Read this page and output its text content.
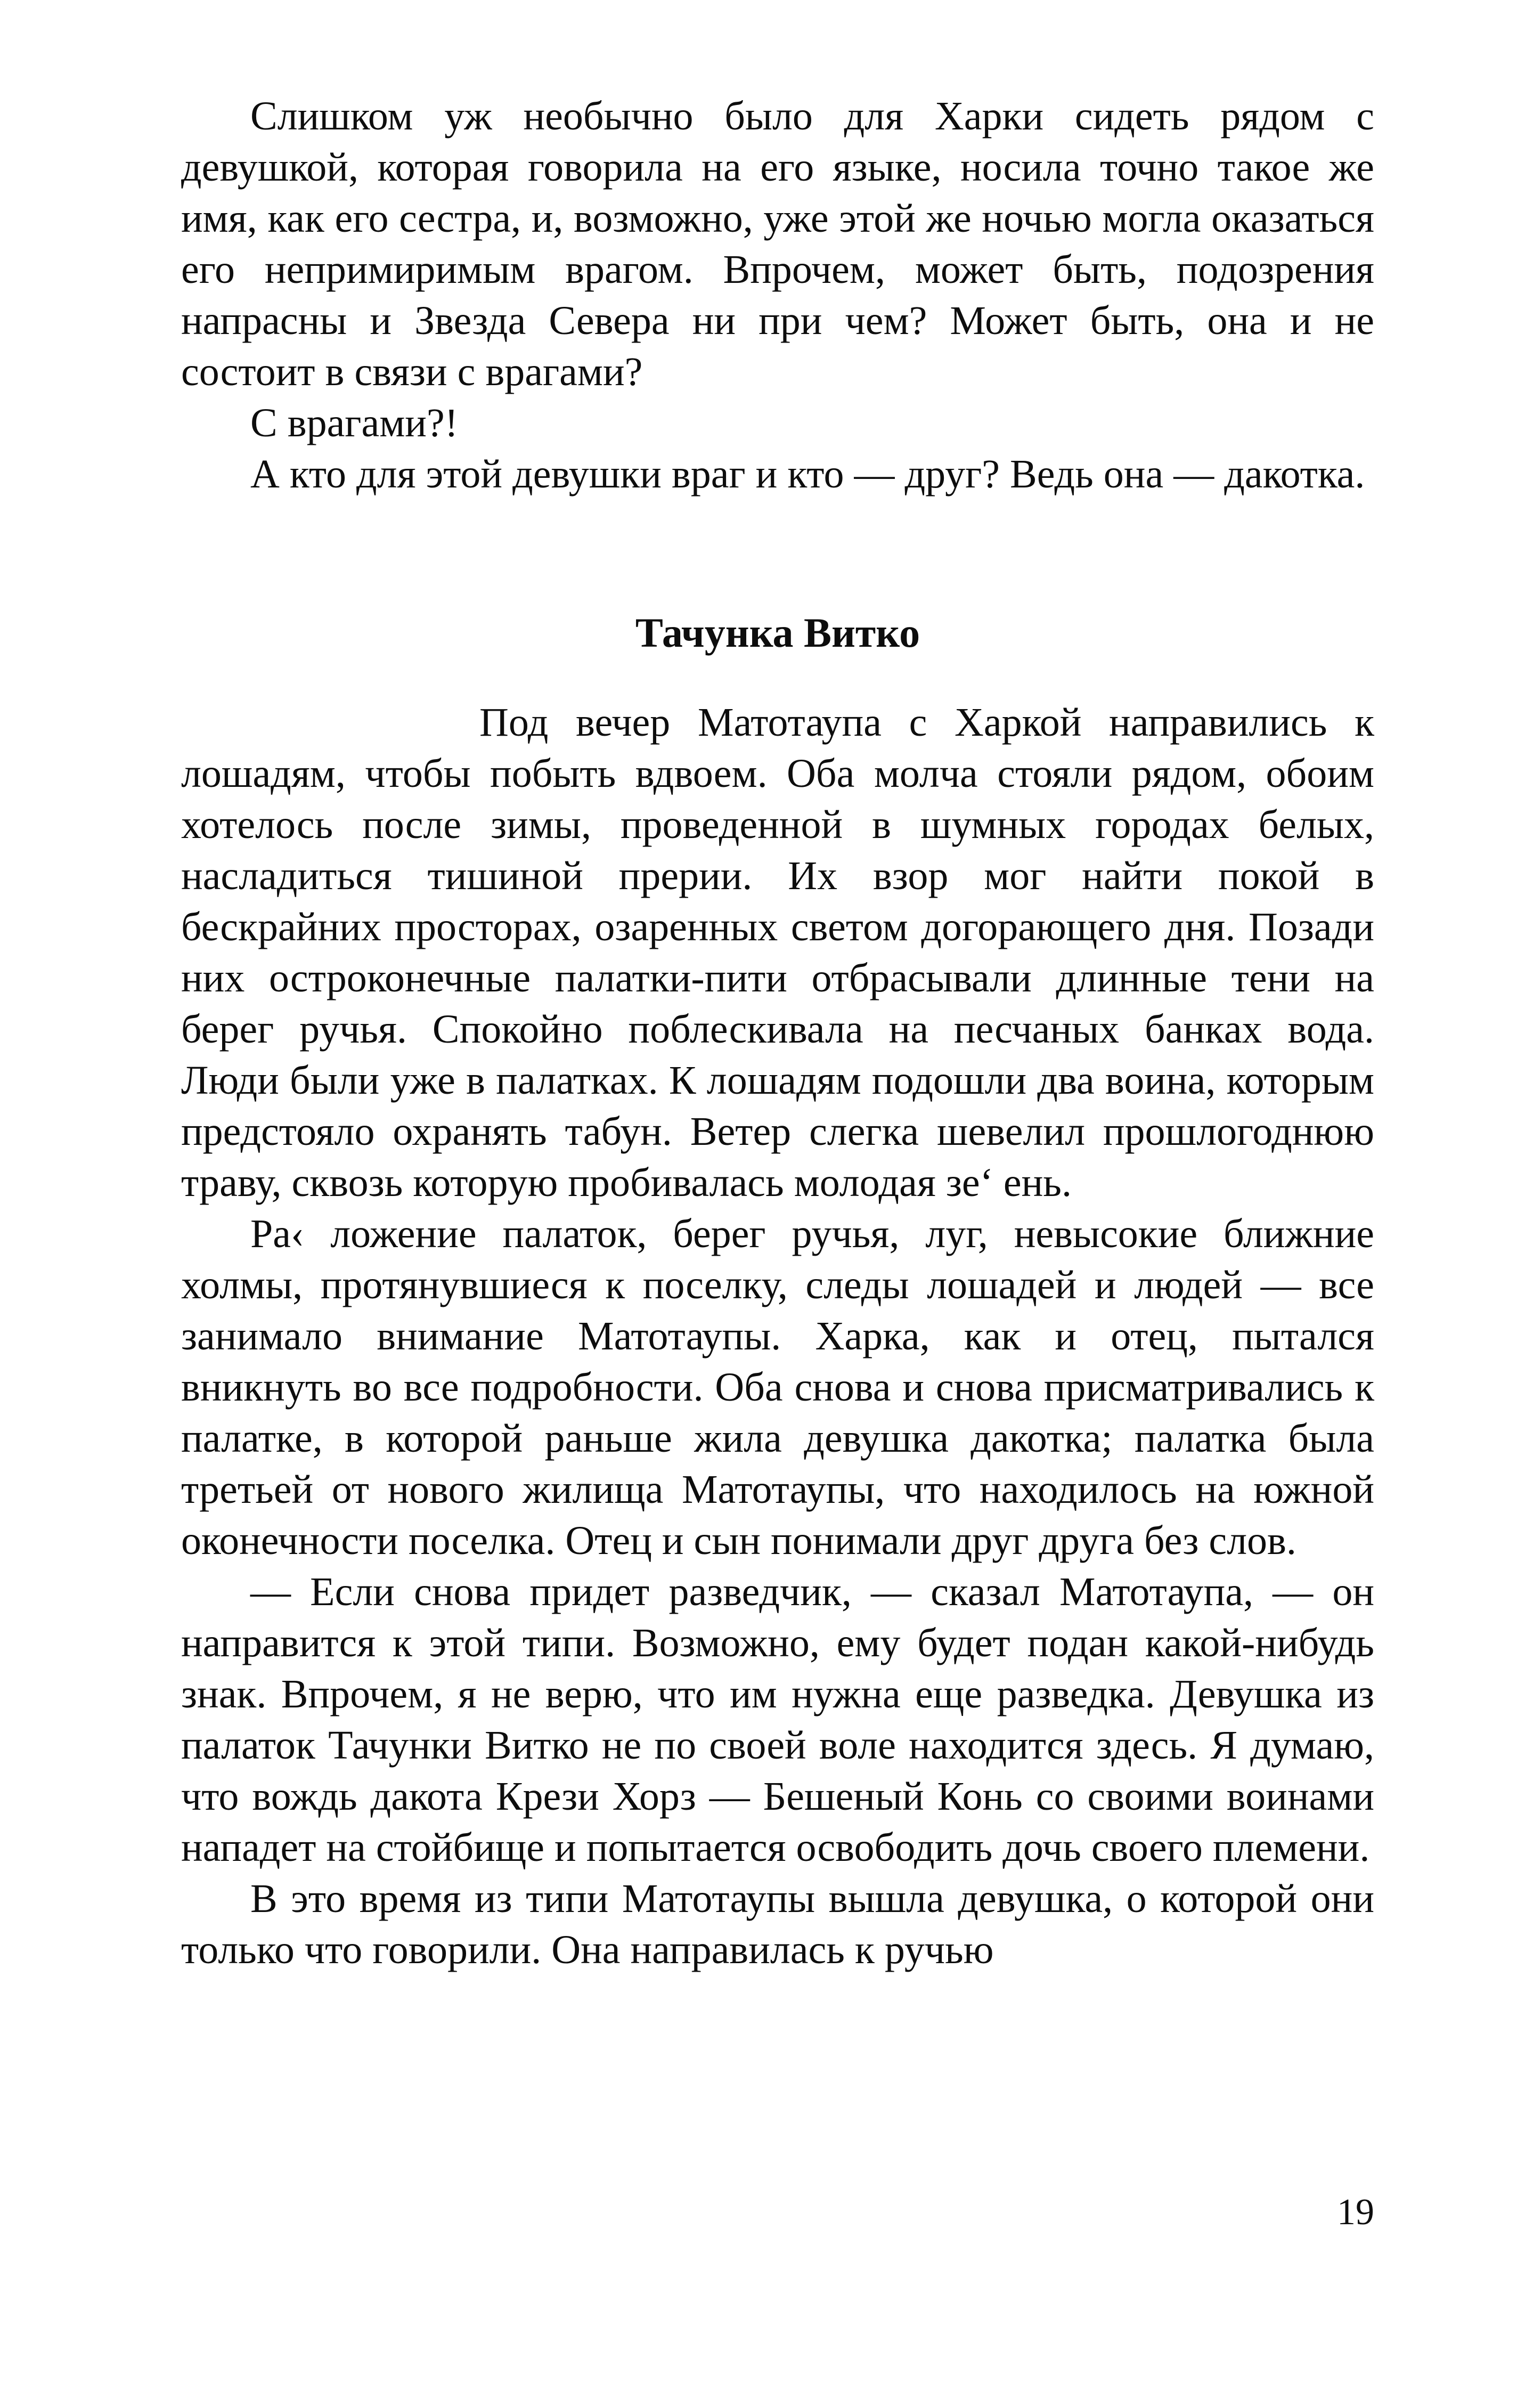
Слишком уж необычно было для Харки сидеть рядом с девушкой, которая говорила на его языке, носила точно такое же имя, как его сестра, и, возможно, уже этой же ночью могла оказаться его непримиримым врагом. Впрочем, может быть, подозрения напрасны и Звезда Севера ни при чем? Может быть, она и не состоит в связи с врагами?

С врагами?!

А кто для этой девушки враг и кто — друг? Ведь она — дакотка.

Тачунка Витко

Под вечер Матотаупа с Харкой направились к лошадям, чтобы побыть вдвоем. Оба молча стояли рядом, обоим хотелось после зимы, проведенной в шумных городах белых, насладиться тишиной прерии. Их взор мог найти покой в бескрайних просторах, озаренных светом догорающего дня. Позади них остроконечные палатки-пити отбрасывали длинные тени на берег ручья. Спокойно поблескивала на песчаных банках вода. Люди были уже в палатках. К лошадям подошли два воина, которым предстояло охранять табун. Ветер слегка шевелил прошлогоднюю траву, сквозь которую пробивалась молодая зе‘ ень.

Ра‹ ложение палаток, берег ручья, луг, невысокие ближние холмы, протянувшиеся к поселку, следы лошадей и людей — все занимало внимание Матотаупы. Харка, как и отец, пытался вникнуть во все подробности. Оба снова и снова присматривались к палатке, в которой раньше жила девушка дакотка; палатка была третьей от нового жилища Матотаупы, что находилось на южной оконечности поселка. Отец и сын понимали друг друга без слов.

— Если снова придет разведчик, — сказал Матотаупа, — он направится к этой типи. Возможно, ему будет подан какой-нибудь знак. Впрочем, я не верю, что им нужна еще разведка. Девушка из палаток Тачунки Витко не по своей воле находится здесь. Я думаю, что вождь дакота Крези Хорз — Бешеный Конь со своими воинами нападет на стойбище и попытается освободить дочь своего племени.

В это время из типи Матотаупы вышла девушка, о которой они только что говорили. Она направилась к ручью

19
